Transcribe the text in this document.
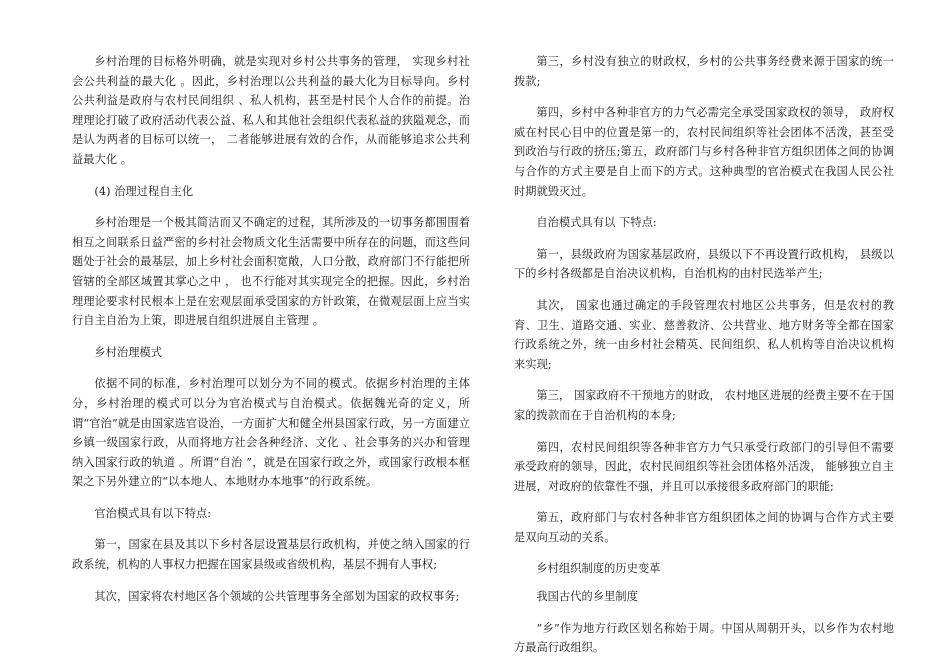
乡村治理的目标格外明确，就是实现对乡村公共事务的管理， 实现乡村社会公共利益的最大化 。因此，乡村治理以公共利益的最大化为目标导向。乡村公共利益是政府与农村民间组织 、私人机构，甚至是村民个人合作的前提。治理理论打破了政府活动代表公益、私人和其他社会组织代表私益的狭隘观念，而是认为两者的目标可以统一， 二者能够进展有效的合作，从而能够追求公共利益最大化 。

(4) 治理过程自主化

乡村治理是一个极其简洁而又不确定的过程，其所涉及的一切事务都围围着相互之间联系日益严密的乡村社会物质文化生活需要中所存在的问题，而这些问题处于社会的最基层，加上乡村社会面积宽敞，人口分散，政府部门不行能把所管辖的全部区域置其掌心之中 ， 也不行能对其实现完全的把握。因此，乡村治理理论要求村民根本上是在宏观层面承受国家的方针政策，在微观层面上应当实行自主自治为上策，即进展自组织进展自主管理 。

乡村治理模式

依据不同的标准，乡村治理可以划分为不同的模式。依据乡村治理的主体分，乡村治理的模式可以分为官治模式与自治模式。依据魏光奇的定义，所谓“官治”就是由国家选官设治，一方面扩大和健全州县国家行政，另一方面建立乡镇一级国家行政，从而将地方社会各种经济、文化 、社会事务的兴办和管理纳入国家行政的轨道 。所谓“自治 ”，就是在国家行政之外，或国家行政根本框架之下另外建立的“以本地人、本地财办本地事”的行政系统。

官治模式具有以下特点:

第一，国家在县及其以下乡村各层设置基层行政机构，并使之纳入国家的行政系统，机构的人事权力把握在国家县级或省级机构，基层不拥有人事权;

其次，国家将农村地区各个领域的公共管理事务全部划为国家的政权事务;

第三，乡村没有独立的财政权，乡村的公共事务经费来源于国家的统一拨款;

第四，乡村中各种非官方的力气必需完全承受国家政权的领导， 政府权威在村民心目中的位置是第一的，农村民间组织等社会团体不活泼，甚至受到政治与行政的挤压;第五，政府部门与乡村各种非官方组织团体之间的协调与合作的方式主要是自上而下的方式。这种典型的官治模式在我国人民公社时期就毁灭过。

自治模式具有以 下特点:

第一，县级政府为国家基层政府，县级以下不再设置行政机构， 县级以下的乡村各级都是自治决议机构，自治机构的由村民选举产生;

其次， 国家也通过确定的手段管理农村地区公共事务，但是农村的教育、卫生、道路交通、实业、慈善救济、公共营业、地方财务等全都在国家行政系统之外，统一由乡村社会精英、民间组织、私人机构等自治决议机构来实现;

第三， 国家政府不干预地方的财政， 农村地区进展的经费主要不在于国家的拨款而在于自治机构的本身;

第四，农村民间组织等各种非官方力气只承受行政部门的引导但不需要承受政府的领导，因此，农村民间组织等社会团体格外活泼， 能够独立自主进展，对政府的依靠性不强，并且可以承接很多政府部门的职能;

第五，政府部门与农村各种非官方组织团体之间的协调与合作方式主要是双向互动的关系。

乡村组织制度的历史变革

我国古代的乡里制度

“乡”作为地方行政区划名称始于周。中国从周朝开头，以乡作为农村地方最高行政组织。
